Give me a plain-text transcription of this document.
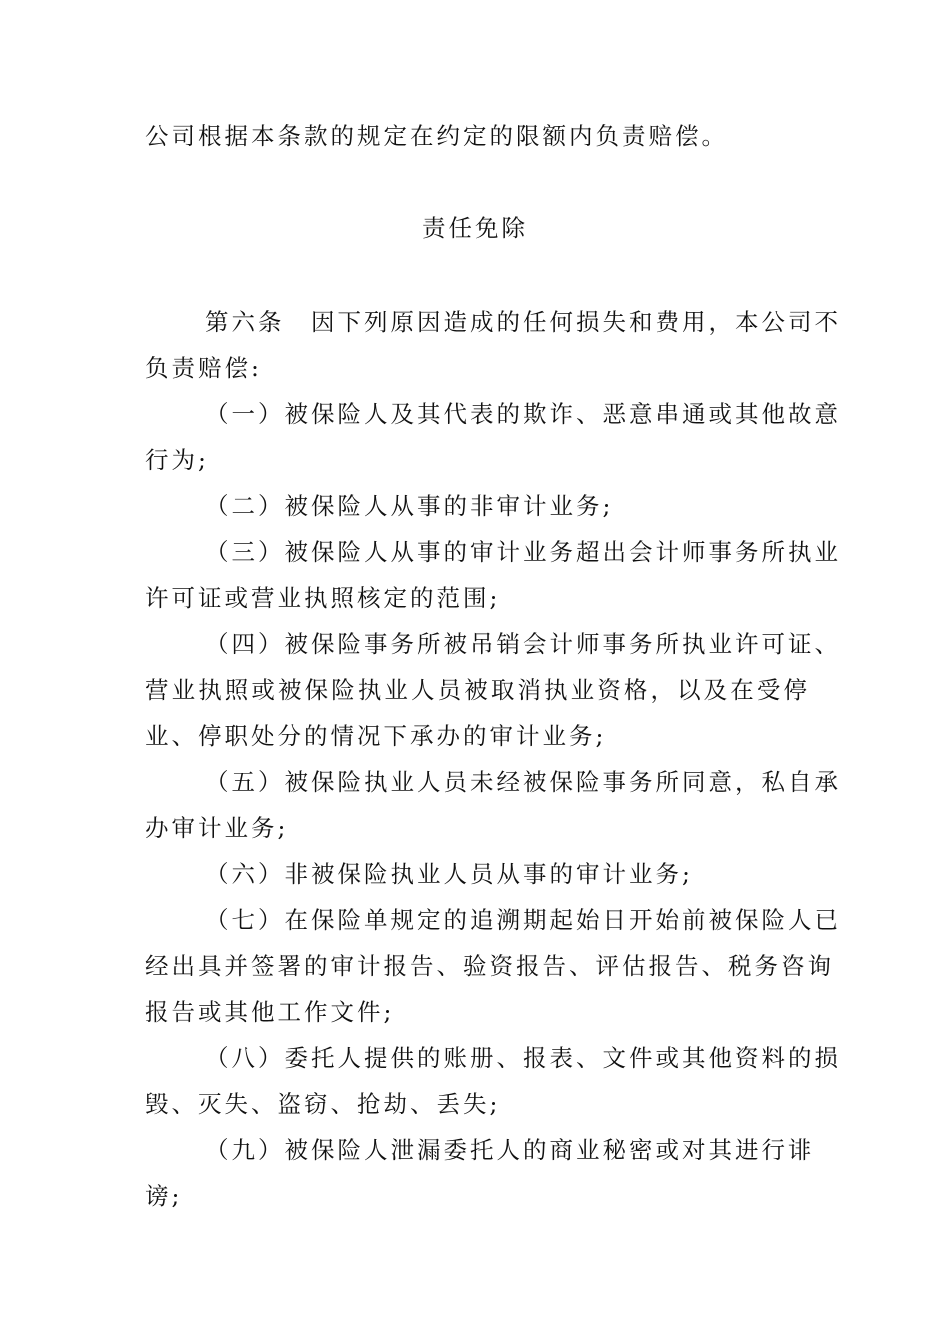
公司根据本条款的规定在约定的限额内负责赔偿。
责任免除
第六条　因下列原因造成的任何损失和费用，本公司不
负责赔偿:
（一）被保险人及其代表的欺诈、恶意串通或其他故意
行为;
（二）被保险人从事的非审计业务;
（三）被保险人从事的审计业务超出会计师事务所执业
许可证或营业执照核定的范围;
（四）被保险事务所被吊销会计师事务所执业许可证、
营业执照或被保险执业人员被取消执业资格，以及在受停
业、停职处分的情况下承办的审计业务;
（五）被保险执业人员未经被保险事务所同意，私自承
办审计业务;
（六）非被保险执业人员从事的审计业务;
（七）在保险单规定的追溯期起始日开始前被保险人已
经出具并签署的审计报告、验资报告、评估报告、税务咨询
报告或其他工作文件;
（八）委托人提供的账册、报表、文件或其他资料的损
毁、灭失、盗窃、抢劫、丢失;
（九）被保险人泄漏委托人的商业秘密或对其进行诽
谤;
